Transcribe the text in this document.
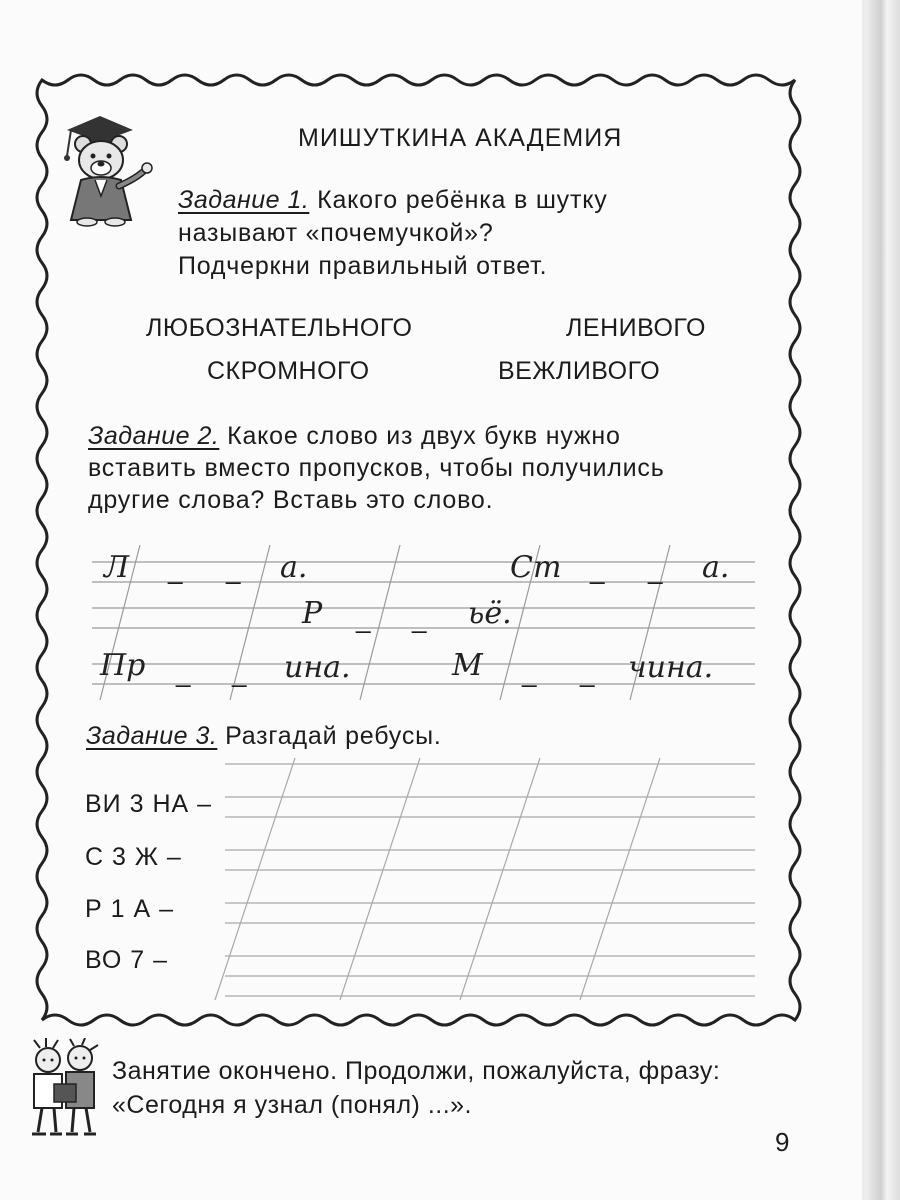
МИШУТКИНА АКАДЕМИЯ
Задание 1. Какого ребёнка в шутку
называют «почемучкой»?
Подчеркни правильный ответ.
ЛЮБОЗНАТЕЛЬНОГО	ЛЕНИВОГО
СКРОМНОГО	ВЕЖЛИВОГО
Задание 2. Какое слово из двух букв нужно
вставить вместо пропусков, чтобы получились
другие слова? Вставь это слово.
Л _ _ а.	Ст _ _ а.
Р _ _ ьё.
Пр _ _ ина.	М _ _ чина.
Задание 3. Разгадай ребусы.
ВИ 3 НА –
С 3 Ж –
Р 1 А –
ВО 7 –
Занятие окончено. Продолжи, пожалуйста, фразу:
«Сегодня я узнал (понял) ...».
9
